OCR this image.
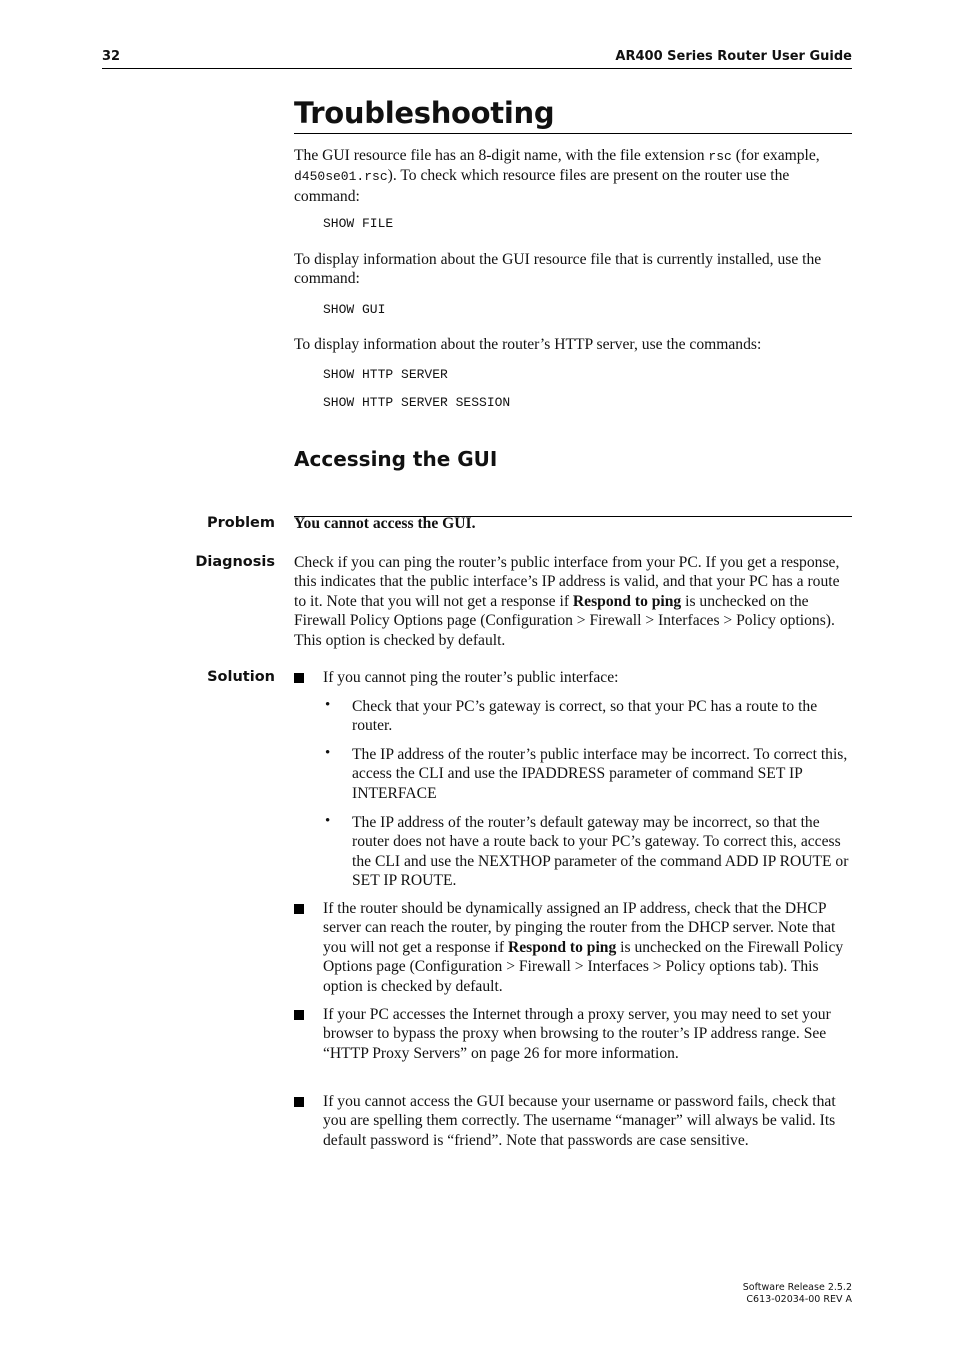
32	AR400 Series Router User Guide
Troubleshooting
The GUI resource file has an 8-digit name, with the file extension rsc (for example, d450se01.rsc). To check which resource files are present on the router use the command:
SHOW FILE
To display information about the GUI resource file that is currently installed, use the command:
SHOW GUI
To display information about the router’s HTTP server, use the commands:
SHOW HTTP SERVER
SHOW HTTP SERVER SESSION
Accessing the GUI
Problem You cannot access the GUI.
Diagnosis Check if you can ping the router’s public interface from your PC. If you get a response, this indicates that the public interface’s IP address is valid, and that your PC has a route to it. Note that you will not get a response if Respond to ping is unchecked on the Firewall Policy Options page (Configuration > Firewall > Interfaces > Policy options). This option is checked by default.
Solution	If you cannot ping the router’s public interface:
• Check that your PC’s gateway is correct, so that your PC has a route to the router.
• The IP address of the router’s public interface may be incorrect. To correct this, access the CLI and use the IPADDRESS parameter of command SET IP INTERFACE
• The IP address of the router’s default gateway may be incorrect, so that the router does not have a route back to your PC’s gateway. To correct this, access the CLI and use the NEXTHOP parameter of the command ADD IP ROUTE or SET IP ROUTE.
If the router should be dynamically assigned an IP address, check that the DHCP server can reach the router, by pinging the router from the DHCP server. Note that you will not get a response if Respond to ping is unchecked on the Firewall Policy Options page (Configuration > Firewall > Interfaces > Policy options tab). This option is checked by default.
If your PC accesses the Internet through a proxy server, you may need to set your browser to bypass the proxy when browsing to the router’s IP address range. See “HTTP Proxy Servers” on page 26 for more information.
If you cannot access the GUI because your username or password fails, check that you are spelling them correctly. The username “manager” will always be valid. Its default password is “friend”. Note that passwords are case sensitive.
Software Release 2.5.2
C613-02034-00 REV A
